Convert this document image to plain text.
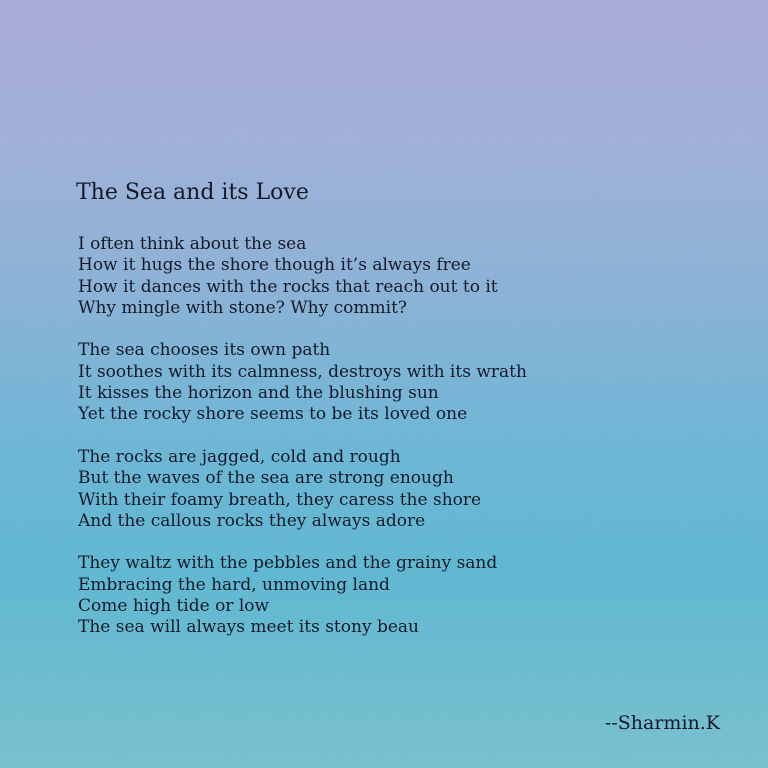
The Sea and its Love
I often think about the sea
How it hugs the shore though it’s always free
How it dances with the rocks that reach out to it
Why mingle with stone? Why commit?
The sea chooses its own path
It soothes with its calmness, destroys with its wrath
It kisses the horizon and the blushing sun
Yet the rocky shore seems to be its loved one
The rocks are jagged, cold and rough
But the waves of the sea are strong enough
With their foamy breath, they caress the shore
And the callous rocks they always adore
They waltz with the pebbles and the grainy sand
Embracing the hard, unmoving land
Come high tide or low
The sea will always meet its stony beau
--Sharmin.K
